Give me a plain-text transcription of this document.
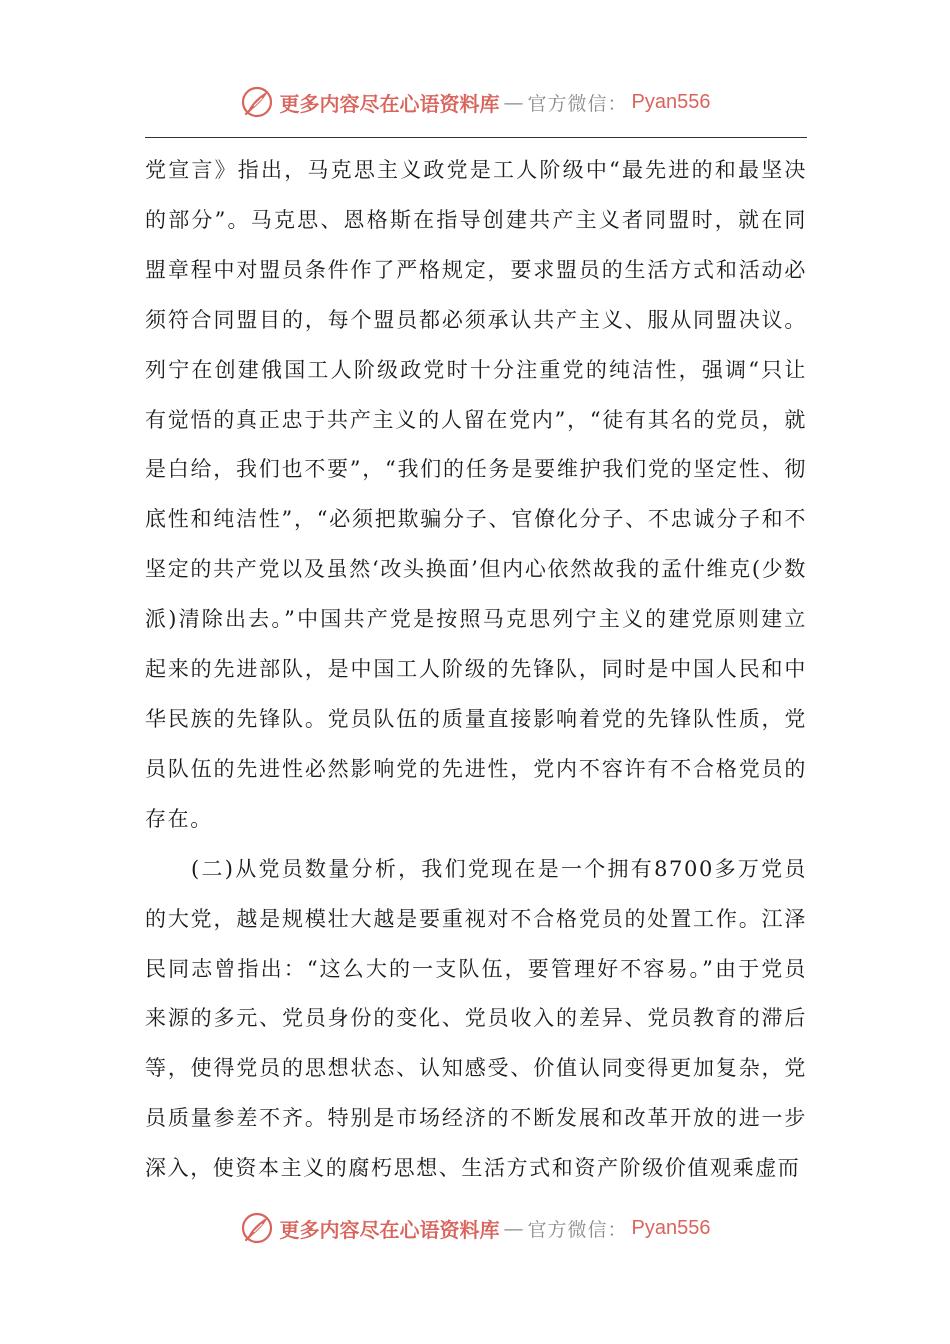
更多内容尽在心语资料库 — 官方微信： Pyan556

党宣言》指出，马克思主义政党是工人阶级中“最先进的和最坚决的部分”。马克思、恩格斯在指导创建共产主义者同盟时，就在同盟章程中对盟员条件作了严格规定，要求盟员的生活方式和活动必须符合同盟目的，每个盟员都必须承认共产主义、服从同盟决议。列宁在创建俄国工人阶级政党时十分注重党的纯洁性，强调“只让有觉悟的真正忠于共产主义的人留在党内”，“徒有其名的党员，就是白给，我们也不要”，“我们的任务是要维护我们党的坚定性、彻底性和纯洁性”，“必须把欺骗分子、官僚化分子、不忠诚分子和不坚定的共产党以及虽然‘改头换面’但内心依然故我的孟什维克(少数派)清除出去。”中国共产党是按照马克思列宁主义的建党原则建立起来的先进部队，是中国工人阶级的先锋队，同时是中国人民和中华民族的先锋队。党员队伍的质量直接影响着党的先锋队性质，党员队伍的先进性必然影响党的先进性，党内不容许有不合格党员的存在。

(二)从党员数量分析，我们党现在是一个拥有8700多万党员的大党，越是规模壮大越是要重视对不合格党员的处置工作。江泽民同志曾指出：“这么大的一支队伍，要管理好不容易。”由于党员来源的多元、党员身份的变化、党员收入的差异、党员教育的滞后等，使得党员的思想状态、认知感受、价值认同变得更加复杂，党员质量参差不齐。特别是市场经济的不断发展和改革开放的进一步深入，使资本主义的腐朽思想、生活方式和资产阶级价值观乘虚而

更多内容尽在心语资料库 — 官方微信： Pyan556
